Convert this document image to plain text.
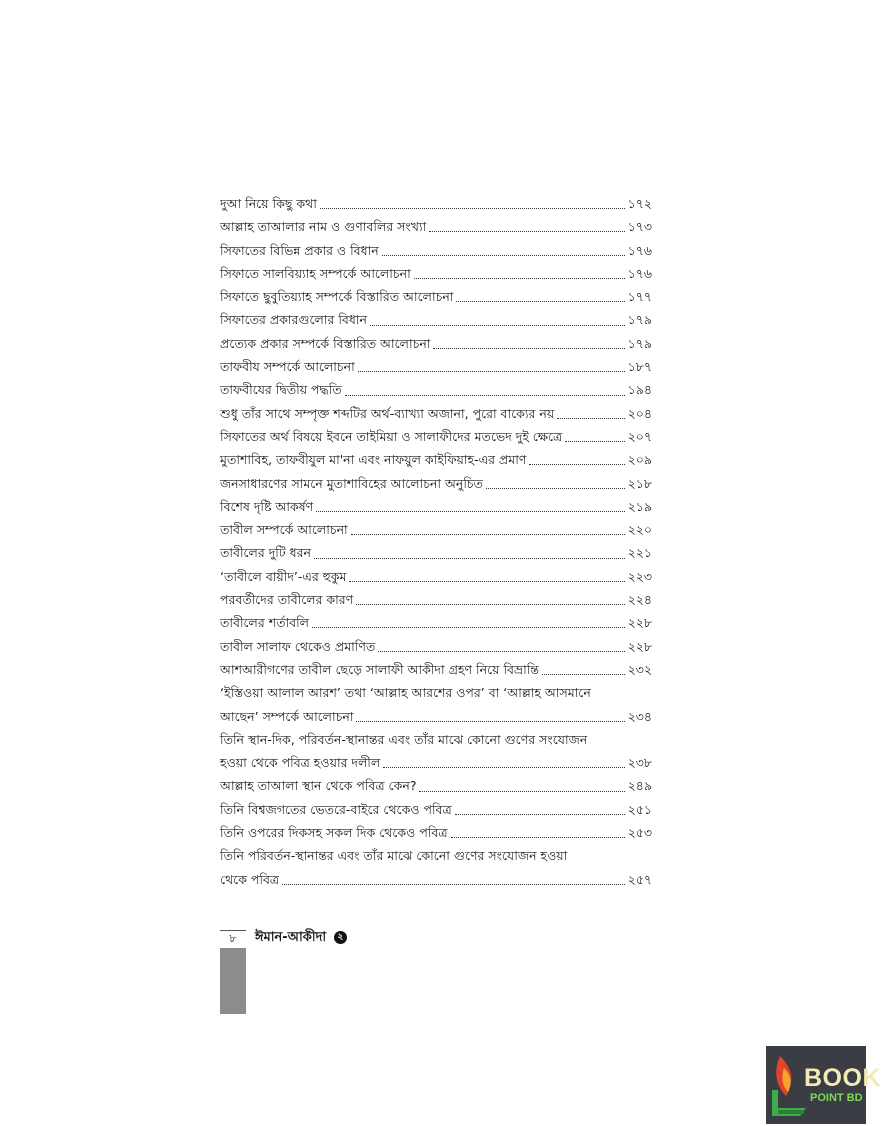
দুআ নিয়ে কিছু কথা	১৭২
আল্লাহ তাআলার নাম ও গুণাবলির সংখ্যা	১৭৩
সিফাতের বিভিন্ন প্রকার ও বিধান	১৭৬
সিফাতে সালবিয়্যাহ সম্পর্কে আলোচনা	১৭৬
সিফাতে ছুবুতিয়্যাহ সম্পর্কে বিস্তারিত আলোচনা	১৭৭
সিফাতের প্রকারগুলোর বিধান	১৭৯
প্রত্যেক প্রকার সম্পর্কে বিস্তারিত আলোচনা	১৭৯
তাফবীয সম্পর্কে আলোচনা	১৮৭
তাফবীযের দ্বিতীয় পদ্ধতি	১৯৪
শুধু তাঁর সাথে সম্পৃক্ত শব্দটির অর্থ-ব্যাখ্যা অজানা, পুরো বাক্যের নয়	২০৪
সিফাতের অর্থ বিষয়ে ইবনে তাইমিয়া ও সালাফীদের মতভেদ দুই ক্ষেত্রে	২০৭
মুতাশাবিহ, তাফবীযুল মা'না এবং নাফয়ুল কাইফিয়াহ-এর প্রমাণ	২০৯
জনসাধারণের সামনে মুতাশাবিহের আলোচনা অনুচিত	২১৮
বিশেষ দৃষ্টি আকর্ষণ	২১৯
তাবীল সম্পর্কে আলোচনা	২২০
তাবীলের দুটি ধরন	২২১
‘তাবীলে বায়ীদ’-এর হুকুম	২২৩
পরবর্তীদের তাবীলের কারণ	২২৪
তাবীলের শর্তাবলি	২২৮
তাবীল সালাফ থেকেও প্রমাণিত	২২৮
আশআরীগণের তাবীল ছেড়ে সালাফী আকীদা গ্রহণ নিয়ে বিভ্রান্তি	২৩২
‘ইস্তিওয়া আলাল আরশ’ তথা ‘আল্লাহ আরশের ওপর’ বা ‘আল্লাহ আসমানে
আছেন’ সম্পর্কে আলোচনা	২৩৪
তিনি স্থান-দিক, পরিবর্তন-স্থানান্তর এবং তাঁর মাঝে কোনো গুণের সংযোজন
হওয়া থেকে পবিত্র হওয়ার দলীল	২৩৮
আল্লাহ তাআলা স্থান থেকে পবিত্র কেন?	২৪৯
তিনি বিশ্বজগতের ভেতরে-বাইরে থেকেও পবিত্র	২৫১
তিনি ওপরের দিকসহ সকল দিক থেকেও পবিত্র	২৫৩
তিনি পরিবর্তন-স্থানান্তর এবং তাঁর মাঝে কোনো গুণের সংযোজন হওয়া
থেকে পবিত্র	২৫৭
৮	ঈমান-আকীদা ২
BOOK
POINT BD
